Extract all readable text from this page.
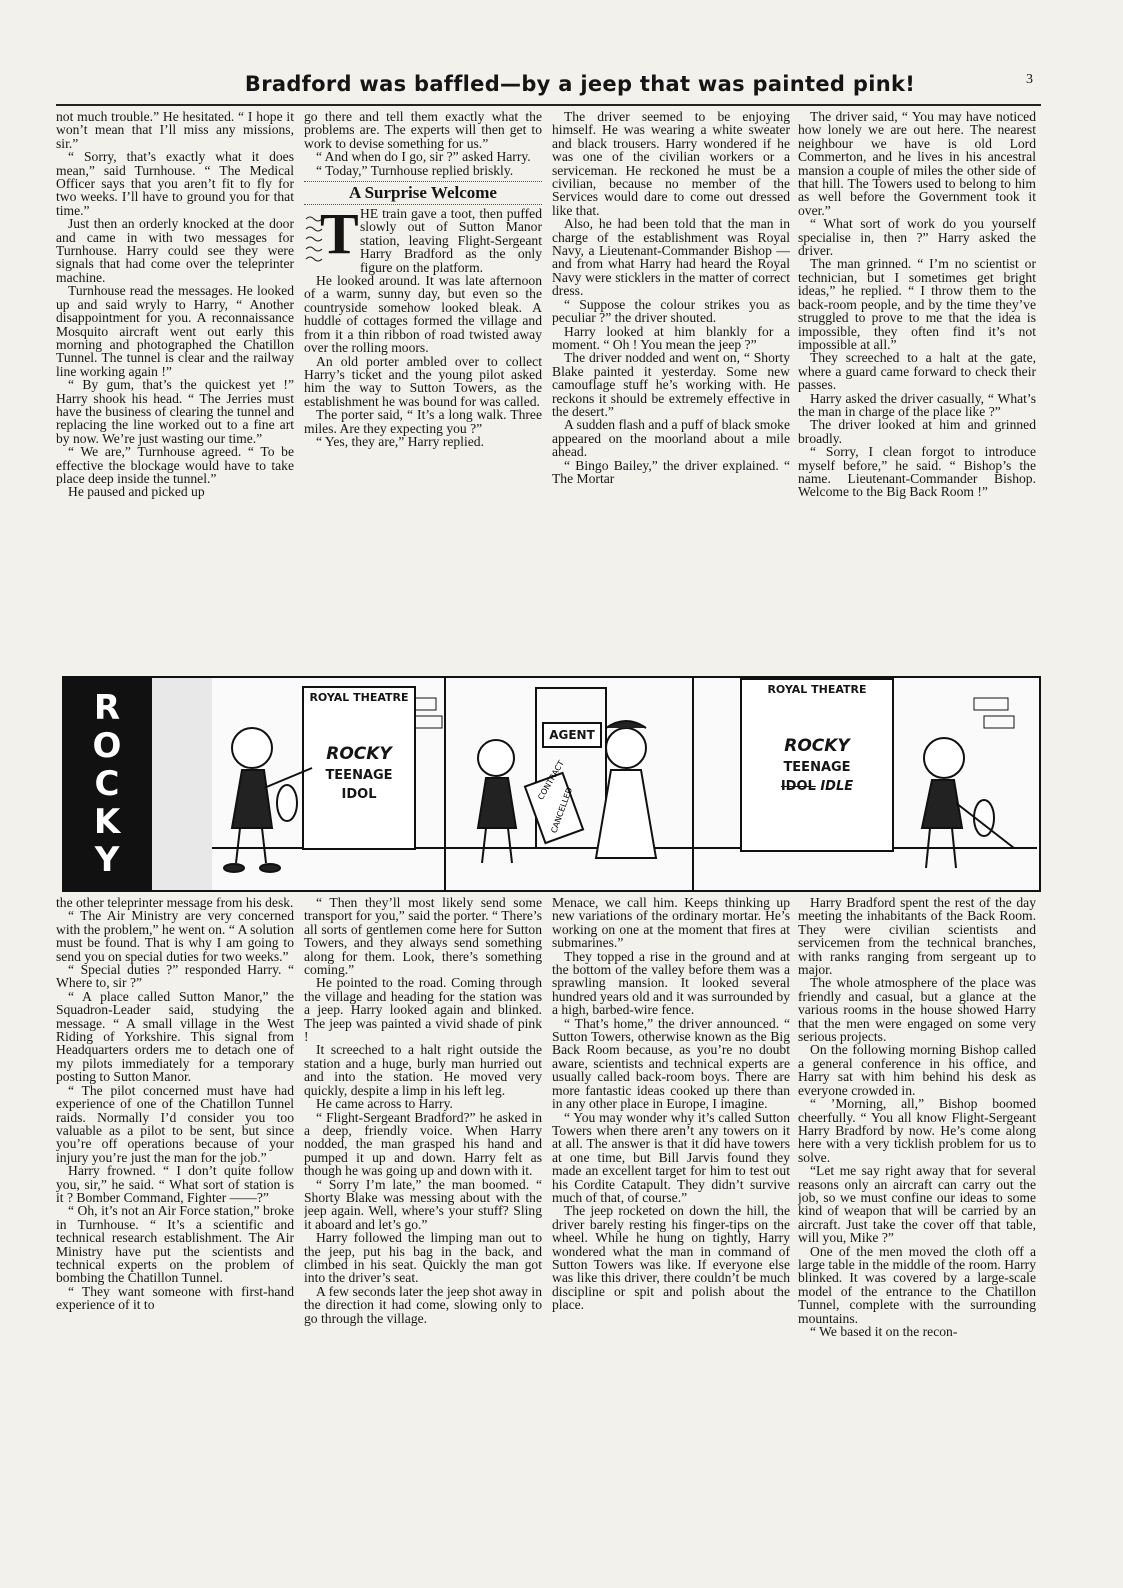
Bradford was baffled—by a jeep that was painted pink!	3

not much trouble.” He hesitated. “ I hope it won’t mean that I’ll miss any missions, sir.”

“ Sorry, that’s exactly what it does mean,” said Turnhouse. “ The Medical Officer says that you aren’t fit to fly for two weeks. I’ll have to ground you for that time.”

Just then an orderly knocked at the door and came in with two messages for Turnhouse. Harry could see they were signals that had come over the teleprinter machine.

Turnhouse read the messages. He looked up and said wryly to Harry, “ Another disappointment for you. A reconnaissance Mosquito aircraft went out early this morning and photographed the Chatillon Tunnel. The tunnel is clear and the railway line working again !”

“ By gum, that’s the quickest yet !” Harry shook his head. “ The Jerries must have the business of clearing the tunnel and replacing the line worked out to a fine art by now. We’re just wasting our time.”

“ We are,” Turnhouse agreed. “ To be effective the blockage would have to take place deep inside the tunnel.”

He paused and picked up

go there and tell them exactly what the problems are. The experts will then get to work to devise something for us.”

“ And when do I go, sir ?” asked Harry.

“ Today,” Turnhouse replied briskly.

A Surprise Welcome
T HE train gave a toot, then puffed slowly out of Sutton Manor station, leaving Flight-Sergeant Harry Bradford as the only figure on the platform.

He looked around. It was late afternoon of a warm, sunny day, but even so the countryside somehow looked bleak. A huddle of cottages formed the village and from it a thin ribbon of road twisted away over the rolling moors.

An old porter ambled over to collect Harry’s ticket and the young pilot asked him the way to Sutton Towers, as the establishment he was bound for was called.

The porter said, “ It’s a long walk. Three miles. Are they expecting you ?”

“ Yes, they are,” Harry replied.

The driver seemed to be enjoying himself. He was wearing a white sweater and black trousers. Harry wondered if he was one of the civilian workers or a serviceman. He reckoned he must be a civilian, because no member of the Services would dare to come out dressed like that.

Also, he had been told that the man in charge of the establishment was Royal Navy, a Lieutenant-Commander Bishop —and from what Harry had heard the Royal Navy were sticklers in the matter of correct dress.

“ Suppose the colour strikes you as peculiar ?” the driver shouted.

Harry looked at him blankly for a moment. “ Oh ! You mean the jeep ?”

The driver nodded and went on, “ Shorty Blake painted it yesterday. Some new camouflage stuff he’s working with. He reckons it should be extremely effective in the desert.”

A sudden flash and a puff of black smoke appeared on the moorland about a mile ahead.

“ Bingo Bailey,” the driver explained. “ The Mortar

The driver said, “ You may have noticed how lonely we are out here. The nearest neighbour we have is old Lord Commerton, and he lives in his ancestral mansion a couple of miles the other side of that hill. The Towers used to belong to him as well before the Government took it over.”

“ What sort of work do you yourself specialise in, then ?” Harry asked the driver.

The man grinned. “ I’m no scientist or technician, but I sometimes get bright ideas,” he replied. “ I throw them to the back-room people, and by the time they’ve struggled to prove to me that the idea is impossible, they often find it’s not impossible at all.”

They screeched to a halt at the gate, where a guard came forward to check their passes.

Harry asked the driver casually, “ What’s the man in charge of the place like ?”

The driver looked at him and grinned broadly.

“ Sorry, I clean forgot to introduce myself before,” he said. “ Bishop’s the name. Lieutenant-Commander Bishop. Welcome to the Big Back Room !”

R
O
C
K
Y
ROYAL THEATRE
ROCKY
TEENAGE
IDOL
AGENT
CONTRACT
CANCELLED
ROYAL THEATRE
ROCKY
TEENAGE
IDOL IDLE

the other teleprinter message from his desk.

“ The Air Ministry are very concerned with the problem,” he went on. “ A solution must be found. That is why I am going to send you on special duties for two weeks.”

“ Special duties ?” responded Harry. “ Where to, sir ?”

“ A place called Sutton Manor,” the Squadron-Leader said, studying the message. “ A small village in the West Riding of Yorkshire. This signal from Headquarters orders me to detach one of my pilots immediately for a temporary posting to Sutton Manor.

“ The pilot concerned must have had experience of one of the Chatillon Tunnel raids. Normally I’d consider you too valuable as a pilot to be sent, but since you’re off operations because of your injury you’re just the man for the job.”

Harry frowned. “ I don’t quite follow you, sir,” he said. “ What sort of station is it ? Bomber Command, Fighter ——?”

“ Oh, it’s not an Air Force station,” broke in Turnhouse. “ It’s a scientific and technical research establishment. The Air Ministry have put the scientists and technical experts on the problem of bombing the Chatillon Tunnel.

“ They want someone with first-hand experience of it to

“ Then they’ll most likely send some transport for you,” said the porter. “ There’s all sorts of gentlemen come here for Sutton Towers, and they always send something along for them. Look, there’s something coming.”

He pointed to the road. Coming through the village and heading for the station was a jeep. Harry looked again and blinked. The jeep was painted a vivid shade of pink !

It screeched to a halt right outside the station and a huge, burly man hurried out and into the station. He moved very quickly, despite a limp in his left leg.

He came across to Harry.

“ Flight-Sergeant Bradford?” he asked in a deep, friendly voice. When Harry nodded, the man grasped his hand and pumped it up and down. Harry felt as though he was going up and down with it.

“ Sorry I’m late,” the man boomed. “ Shorty Blake was messing about with the jeep again. Well, where’s your stuff? Sling it aboard and let’s go.”

Harry followed the limping man out to the jeep, put his bag in the back, and climbed in his seat. Quickly the man got into the driver’s seat.

A few seconds later the jeep shot away in the direction it had come, slowing only to go through the village.

Menace, we call him. Keeps thinking up new variations of the ordinary mortar. He’s working on one at the moment that fires at submarines.”

They topped a rise in the ground and at the bottom of the valley before them was a sprawling mansion. It looked several hundred years old and it was surrounded by a high, barbed-wire fence.

“ That’s home,” the driver announced. “ Sutton Towers, otherwise known as the Big Back Room because, as you’re no doubt aware, scientists and technical experts are usually called back-room boys. There are more fantastic ideas cooked up there than in any other place in Europe, I imagine.

“ You may wonder why it’s called Sutton Towers when there aren’t any towers on it at all. The answer is that it did have towers at one time, but Bill Jarvis found they made an excellent target for him to test out his Cordite Catapult. They didn’t survive much of that, of course.”

The jeep rocketed on down the hill, the driver barely resting his finger-tips on the wheel. While he hung on tightly, Harry wondered what the man in command of Sutton Towers was like. If everyone else was like this driver, there couldn’t be much discipline or spit and polish about the place.

Harry Bradford spent the rest of the day meeting the inhabitants of the Back Room. They were civilian scientists and servicemen from the technical branches, with ranks ranging from sergeant up to major.

The whole atmosphere of the place was friendly and casual, but a glance at the various rooms in the house showed Harry that the men were engaged on some very serious projects.

On the following morning Bishop called a general conference in his office, and Harry sat with him behind his desk as everyone crowded in.

“ ’Morning, all,” Bishop boomed cheerfully. “ You all know Flight-Sergeant Harry Bradford by now. He’s come along here with a very ticklish problem for us to solve.

“Let me say right away that for several reasons only an aircraft can carry out the job, so we must confine our ideas to some kind of weapon that will be carried by an aircraft. Just take the cover off that table, will you, Mike ?”

One of the men moved the cloth off a large table in the middle of the room. Harry blinked. It was covered by a large-scale model of the entrance to the Chatillon Tunnel, complete with the surrounding mountains.

“ We based it on the recon-
